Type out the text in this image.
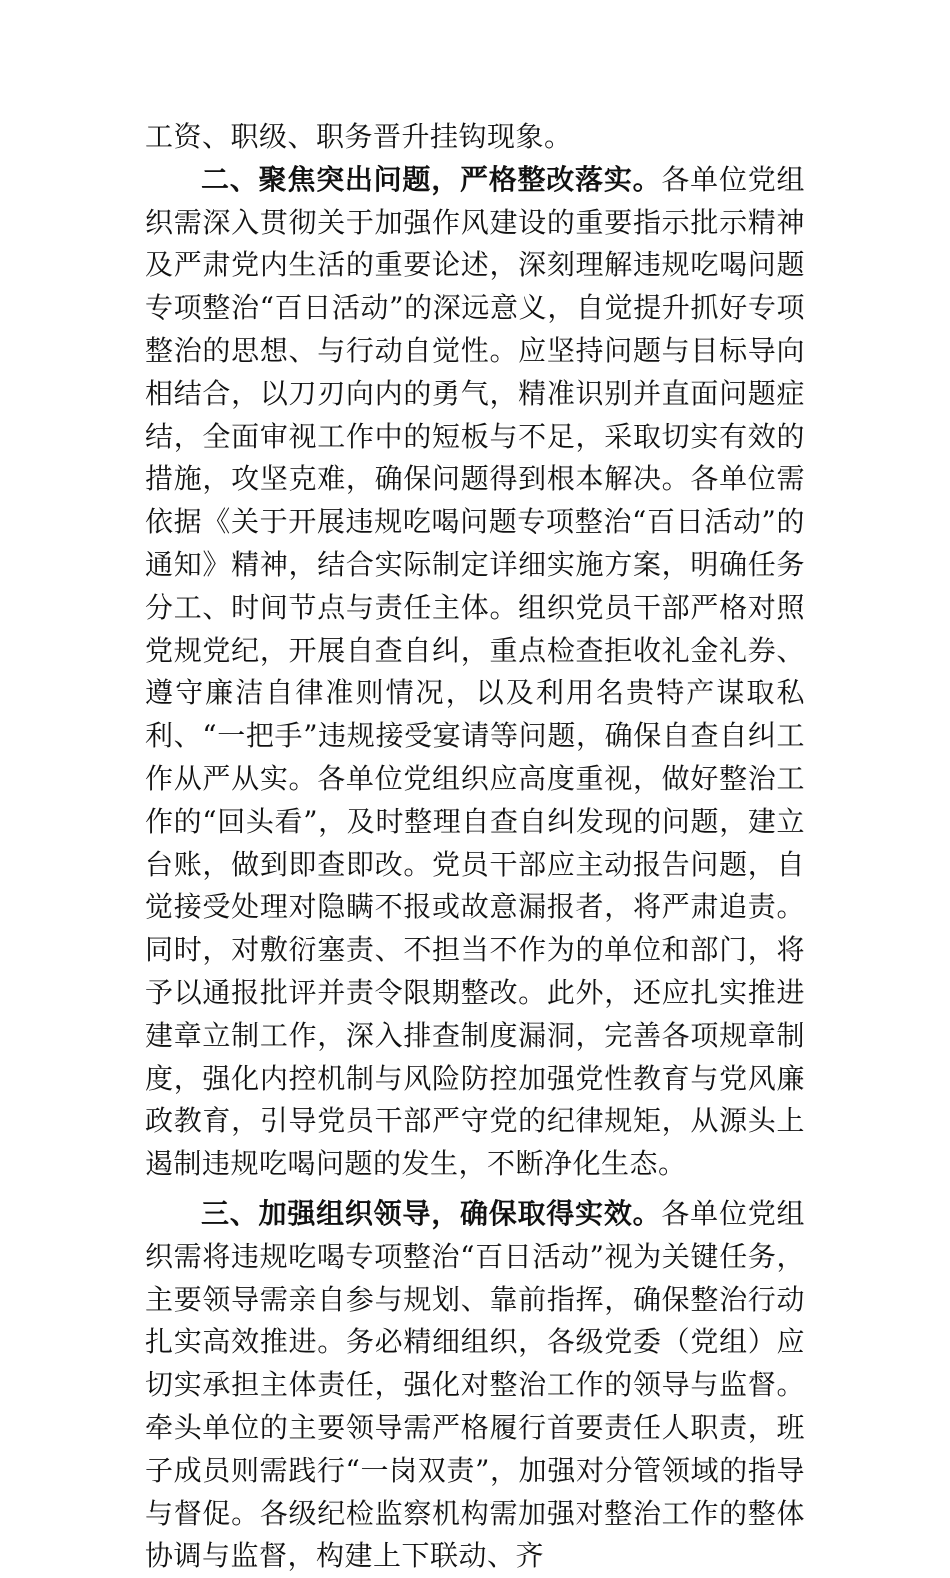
工资、职级、职务晋升挂钩现象。

二、聚焦突出问题，严格整改落实。各单位党组织需深入贯彻关于加强作风建设的重要指示批示精神及严肃党内生活的重要论述，深刻理解违规吃喝问题专项整治“百日活动”的深远意义，自觉提升抓好专项整治的思想、与行动自觉性。应坚持问题与目标导向相结合，以刀刃向内的勇气，精准识别并直面问题症结，全面审视工作中的短板与不足，采取切实有效的措施，攻坚克难，确保问题得到根本解决。各单位需依据《关于开展违规吃喝问题专项整治“百日活动”的通知》精神，结合实际制定详细实施方案，明确任务分工、时间节点与责任主体。组织党员干部严格对照党规党纪，开展自查自纠，重点检查拒收礼金礼券、遵守廉洁自律准则情况，以及利用名贵特产谋取私利、“一把手”违规接受宴请等问题，确保自查自纠工作从严从实。各单位党组织应高度重视，做好整治工作的“回头看”，及时整理自查自纠发现的问题，建立台账，做到即查即改。党员干部应主动报告问题，自觉接受处理对隐瞒不报或故意漏报者，将严肃追责。同时，对敷衍塞责、不担当不作为的单位和部门，将予以通报批评并责令限期整改。此外，还应扎实推进建章立制工作，深入排查制度漏洞，完善各项规章制度，强化内控机制与风险防控加强党性教育与党风廉政教育，引导党员干部严守党的纪律规矩，从源头上遏制违规吃喝问题的发生，不断净化生态。

三、加强组织领导，确保取得实效。各单位党组织需将违规吃喝专项整治“百日活动”视为关键任务，主要领导需亲自参与规划、靠前指挥，确保整治行动扎实高效推进。务必精细组织，各级党委（党组）应切实承担主体责任，强化对整治工作的领导与监督。牵头单位的主要领导需严格履行首要责任人职责，班子成员则需践行“一岗双责”，加强对分管领域的指导与督促。各级纪检监察机构需加强对整治工作的整体协调与监督，构建上下联动、齐
